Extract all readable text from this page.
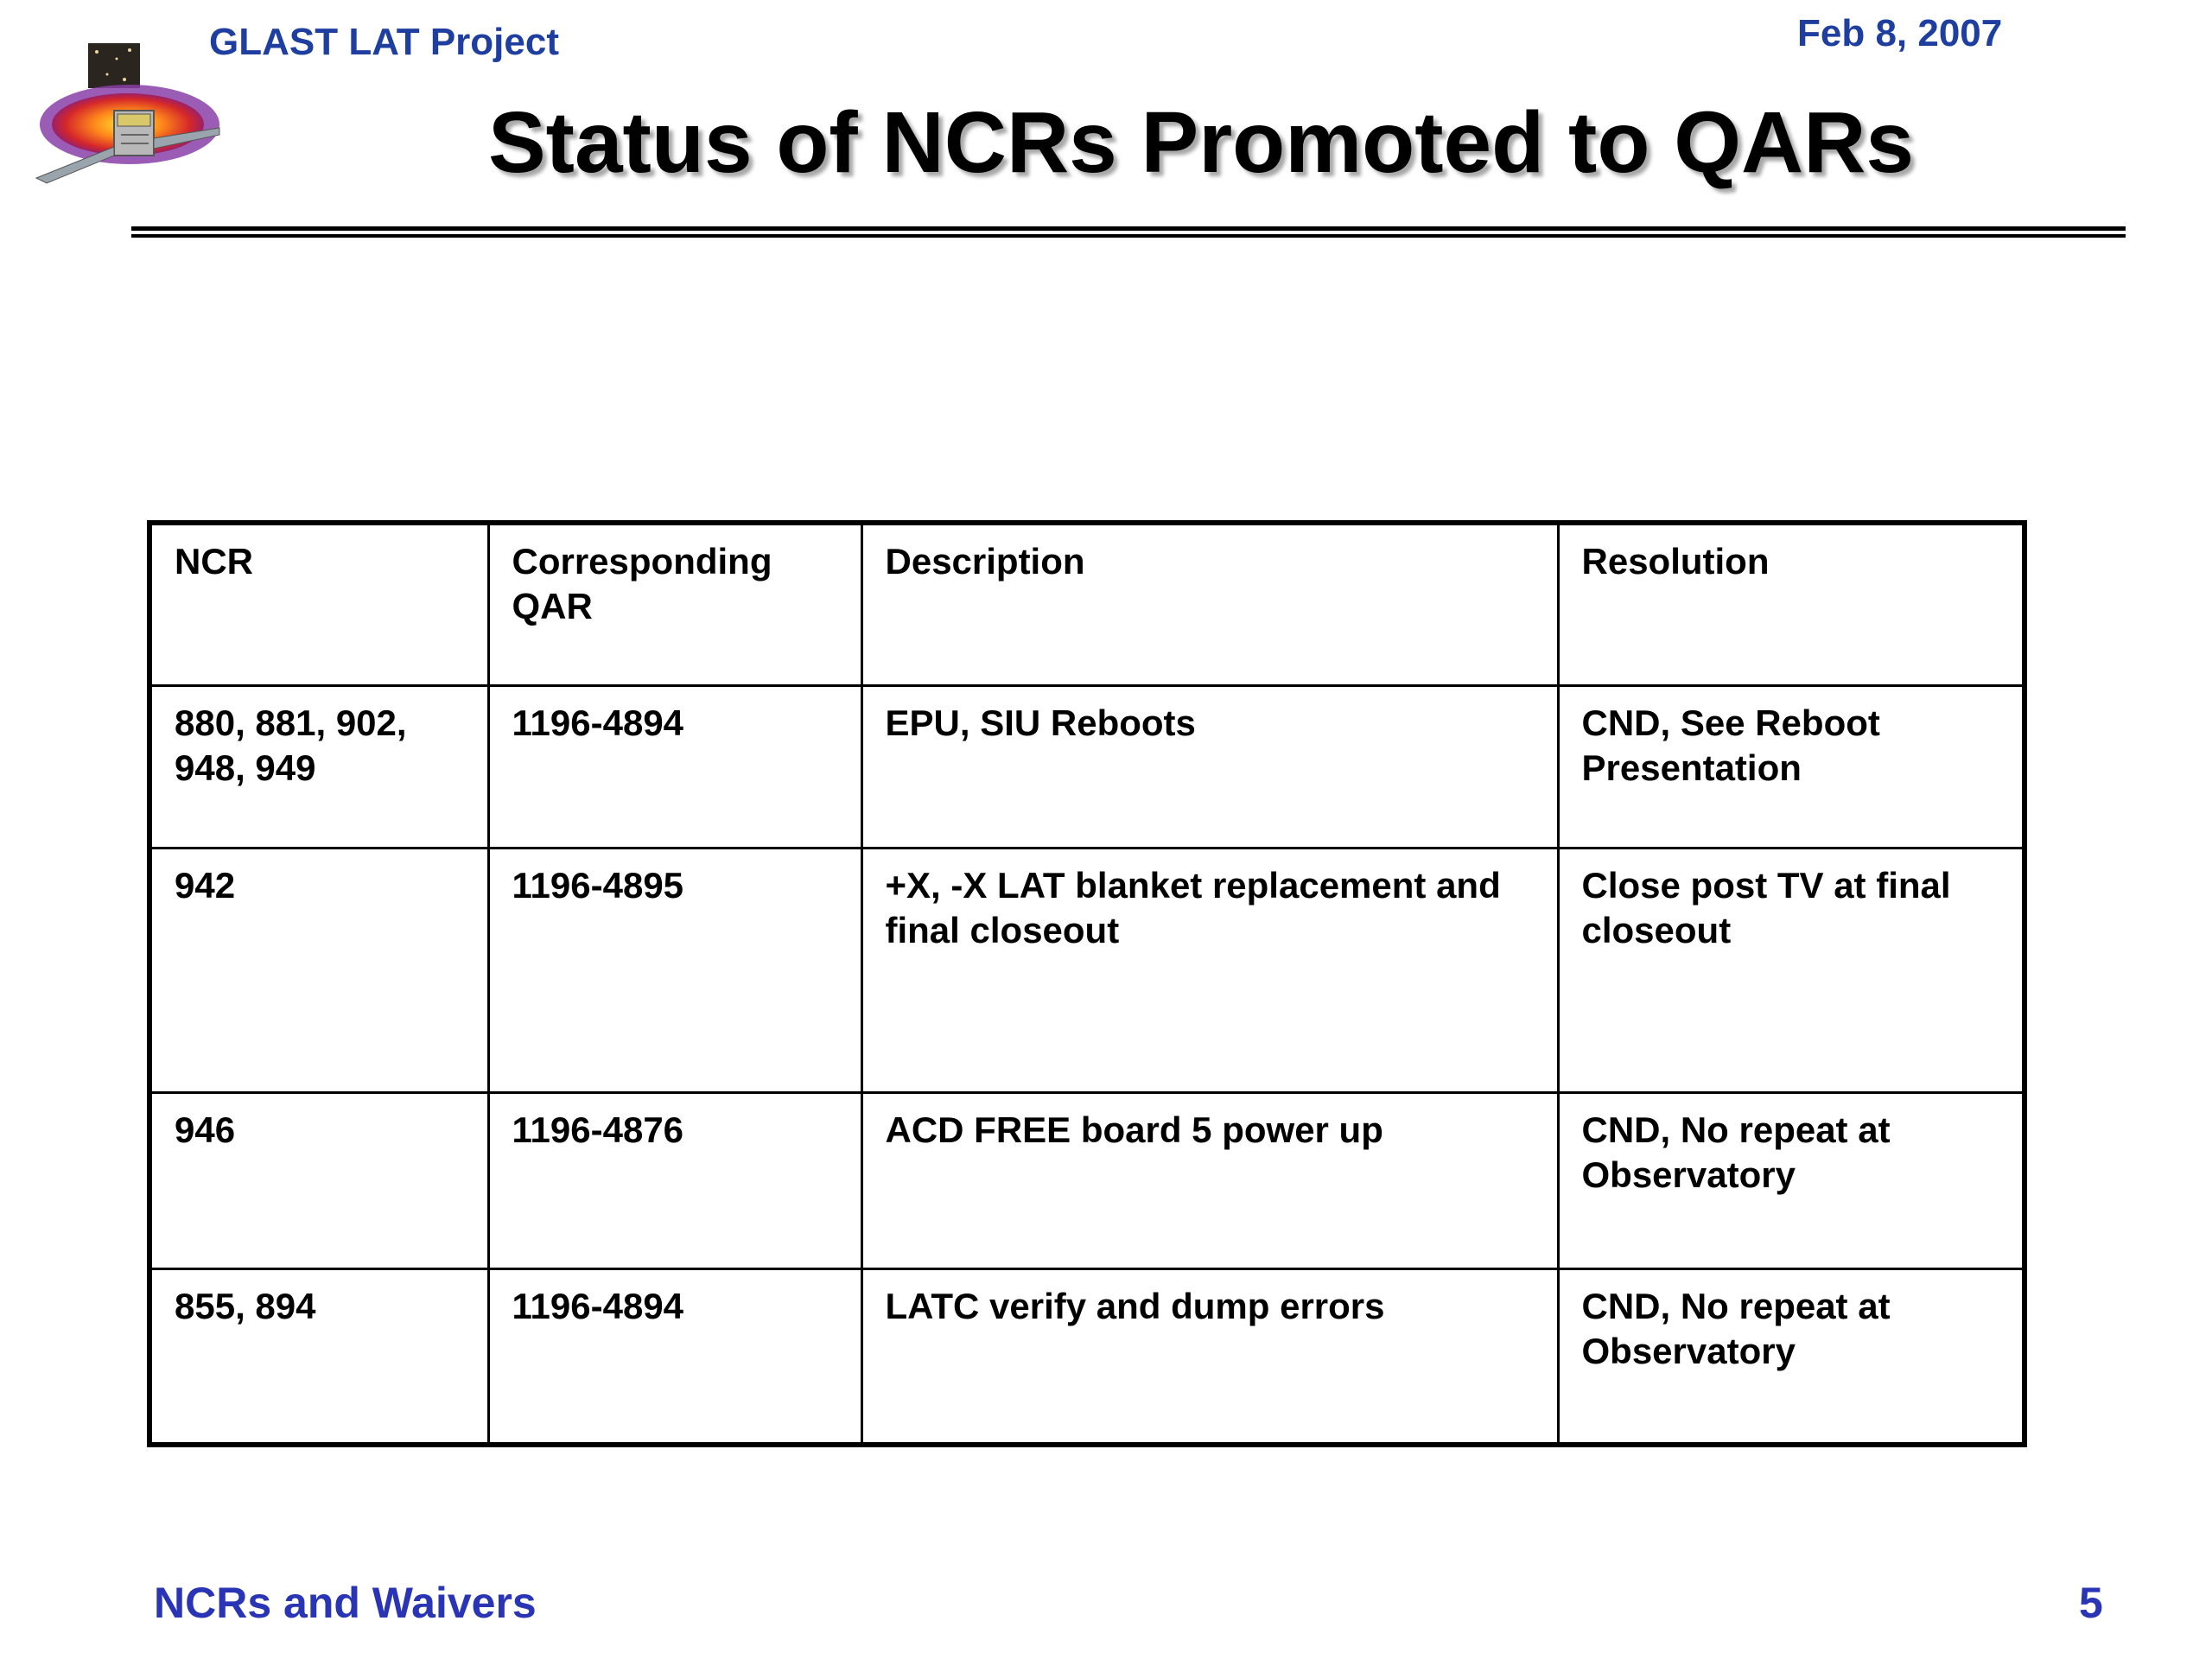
GLAST LAT Project	Feb 8, 2007
Status of NCRs Promoted to QARs
NCR	Corresponding QAR	Description	Resolution
880, 881, 902, 948, 949	1196-4894	EPU, SIU Reboots	CND, See Reboot Presentation
942	1196-4895	+X, -X LAT blanket replacement and final closeout	Close post TV at final closeout
946	1196-4876	ACD FREE board 5 power up	CND, No repeat at Observatory
855, 894	1196-4894	LATC verify and dump errors	CND, No repeat at Observatory
NCRs and Waivers	5
